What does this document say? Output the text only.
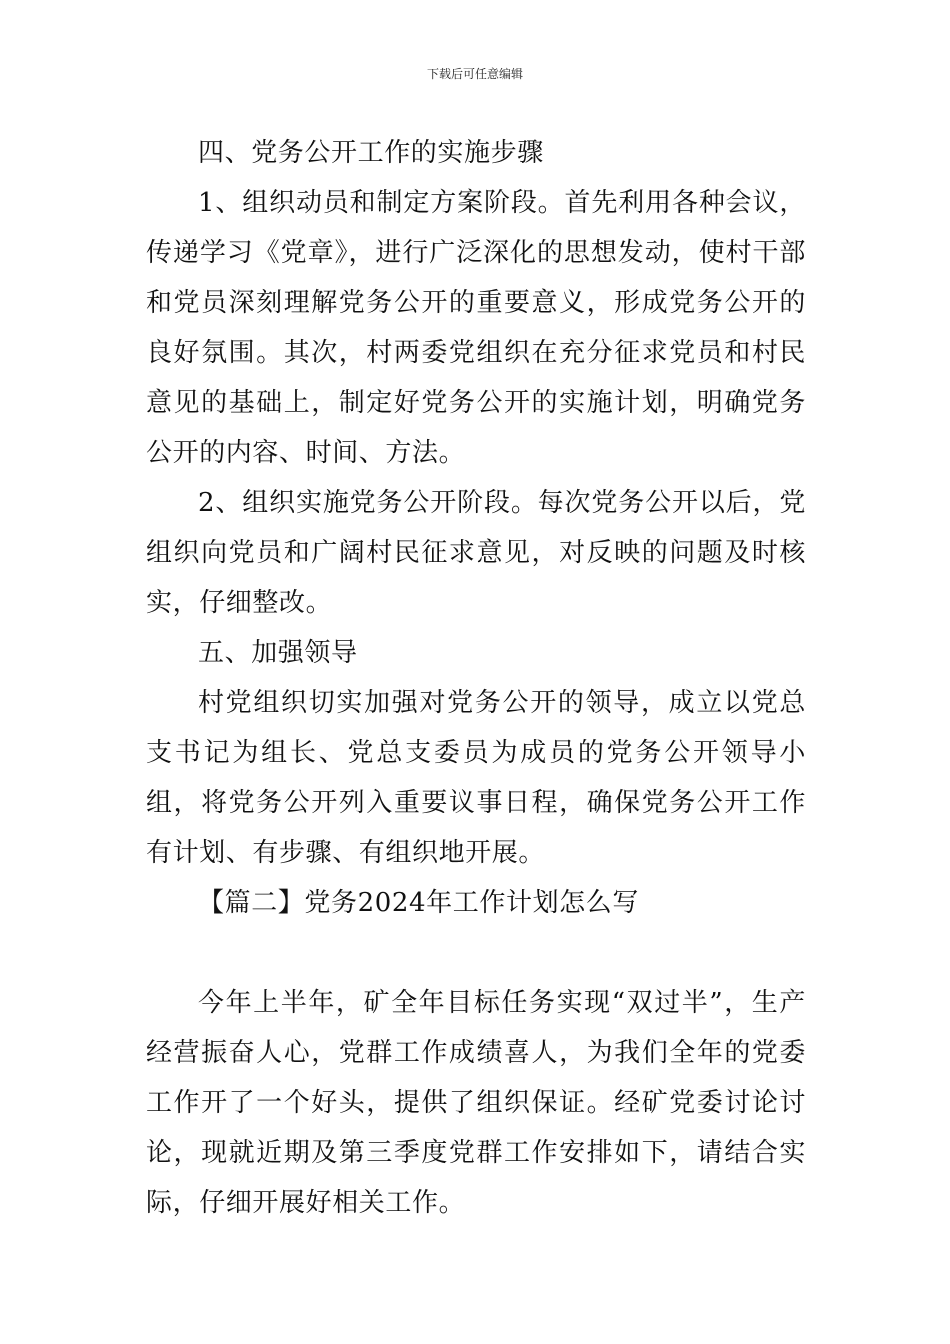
下载后可任意编辑

四、党务公开工作的实施步骤

1、组织动员和制定方案阶段。首先利用各种会议，传递学习《党章》，进行广泛深化的思想发动，使村干部和党员深刻理解党务公开的重要意义，形成党务公开的良好氛围。其次，村两委党组织在充分征求党员和村民意见的基础上，制定好党务公开的实施计划，明确党务公开的内容、时间、方法。

2、组织实施党务公开阶段。每次党务公开以后，党组织向党员和广阔村民征求意见，对反映的问题及时核实，仔细整改。

五、加强领导

村党组织切实加强对党务公开的领导，成立以党总支书记为组长、党总支委员为成员的党务公开领导小组，将党务公开列入重要议事日程，确保党务公开工作有计划、有步骤、有组织地开展。

【篇二】党务2024年工作计划怎么写

今年上半年，矿全年目标任务实现“双过半”，生产经营振奋人心，党群工作成绩喜人，为我们全年的党委工作开了一个好头，提供了组织保证。经矿党委讨论讨论，现就近期及第三季度党群工作安排如下，请结合实际，仔细开展好相关工作。
